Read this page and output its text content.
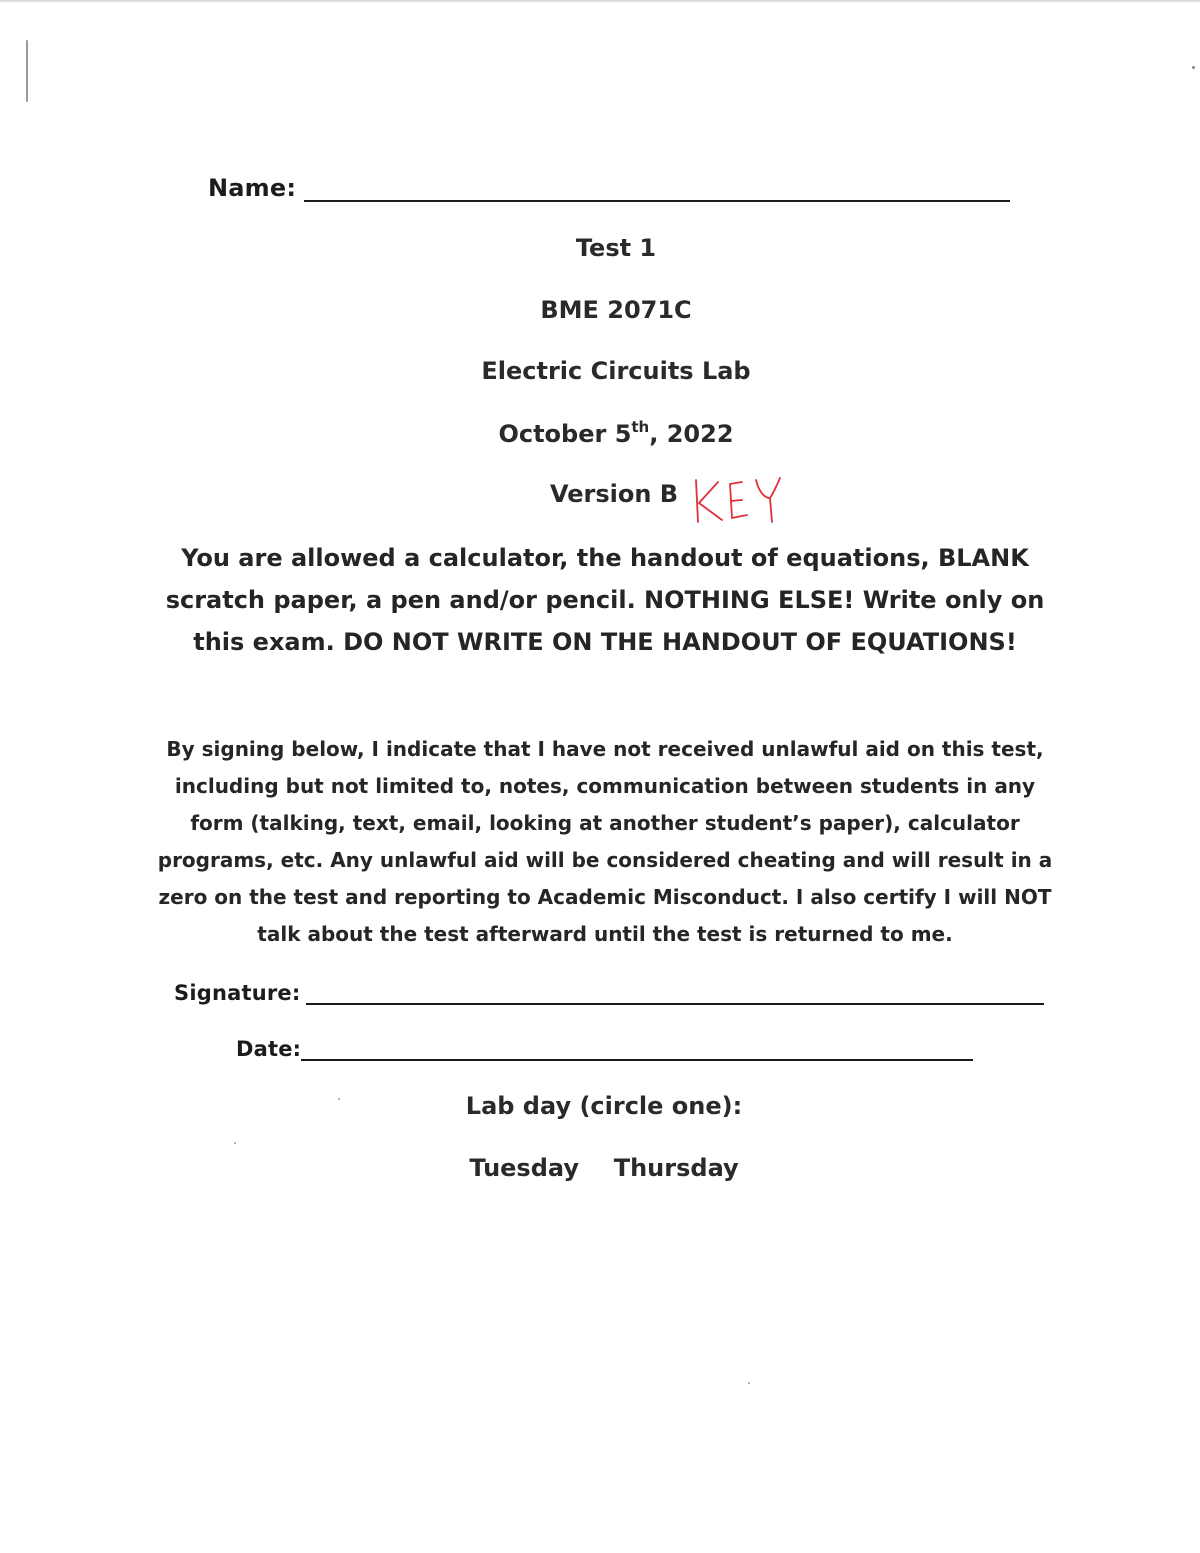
Name:
Test 1
BME 2071C
Electric Circuits Lab
October 5th, 2022
Version B
You are allowed a calculator, the handout of equations, BLANK scratch paper, a pen and/or pencil. NOTHING ELSE! Write only on this exam. DO NOT WRITE ON THE HANDOUT OF EQUATIONS!
By signing below, I indicate that I have not received unlawful aid on this test, including but not limited to, notes, communication between students in any form (talking, text, email, looking at another student’s paper), calculator programs, etc. Any unlawful aid will be considered cheating and will result in a zero on the test and reporting to Academic Misconduct. I also certify I will NOT talk about the test afterward until the test is returned to me.
Signature:
Date:
Lab day (circle one):
Tuesday Thursday
